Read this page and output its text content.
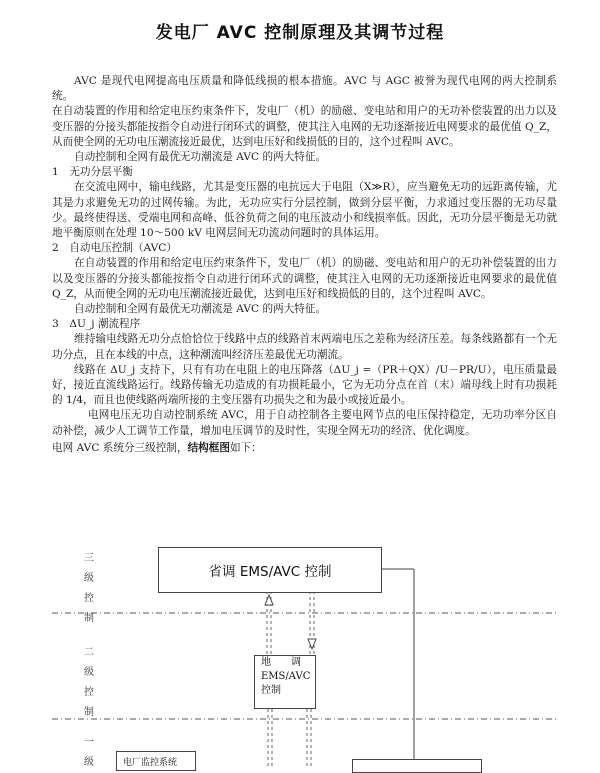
发电厂 AVC 控制原理及其调节过程

AVC 是现代电网提高电压质量和降低线损的根本措施。AVC 与 AGC 被誉为现代电网的两大控制系统。

在自动装置的作用和给定电压约束条件下，发电厂（机）的励磁、变电站和用户的无功补偿装置的出力以及变压器的分接头都能按指令自动进行闭环式的调整，使其注入电网的无功逐渐接近电网要求的最优值 Q_Z，从而使全网的无功电压潮流接近最优，达到电压好和线损低的目的，这个过程叫 AVC。

自动控制和全网有最优无功潮流是 AVC 的两大特征。

1　无功分层平衡

在交流电网中，输电线路，尤其是变压器的电抗远大于电阻（X≫R），应当避免无功的远距离传输，尤其是力求避免无功的过网传输。为此，无功应实行分层控制，做到分层平衡，力求通过变压器的无功尽量少。最终使得送、受端电网和高峰、低谷负荷之间的电压波动小和线损率低。因此，无功分层平衡是无功就地平衡原则在处理 10～500 kV 电网层间无功流动问题时的具体运用。

2　自动电压控制（AVC）

在自动装置的作用和给定电压约束条件下，发电厂（机）的励磁、变电站和用户的无功补偿装置的出力以及变压器的分接头都能按指令自动进行闭环式的调整，使其注入电网的无功逐渐接近电网要求的最优值 Q_Z，从而使全网的无功电压潮流接近最优，达到电压好和线损低的目的，这个过程叫 AVC。

自动控制和全网有最优无功潮流是 AVC 的两大特征。

3　ΔU_j 潮流程序

维持输电线路无功分点恰恰位于线路中点的线路首末两端电压之差称为经济压差。每条线路都有一个无功分点，且在本线的中点，这种潮流叫经济压差最优无功潮流。

线路在 ΔU_j 支持下，只有有功在电阻上的电压降落（ΔU_j =（PR＋QX）/U－PR/U），电压质量最好，接近直流线路运行。线路传输无功造成的有功损耗最小，它为无功分点在首（末）端母线上时有功损耗的 1/4，而且也使线路两端所接的主变压器有功损失之和为最小或接近最小。

电网电压无功自动控制系统 AVC，用于自动控制各主要电网节点的电压保持稳定，无功功率分区自动补偿，减少人工调节工作量，增加电压调节的及时性，实现全网无功的经济、优化调度。

电网 AVC 系统分三级控制，结构框图如下：

三级控制
二级控制
一级
省调 EMS/AVC 控制
地　　调
EMS/AVC
控制
电厂监控系统
